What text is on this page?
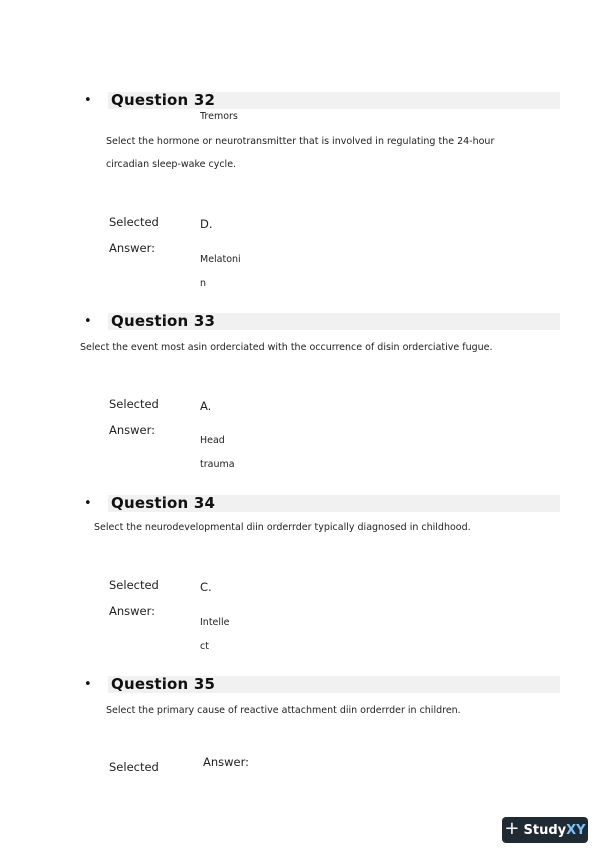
• Question 32
Tremors
Select the hormone or neurotransmitter that is involved in regulating the 24-hour
circadian sleep-wake cycle.
Selected	D.
Answer:
Melatoni
n
• Question 33
Select the event most asin orderciated with the occurrence of disin orderciative fugue.
Selected	A.
Answer:
Head
trauma
• Question 34
Select the neurodevelopmental diin orderrder typically diagnosed in childhood.
Selected	C.
Answer:
Intelle
ct
• Question 35
Select the primary cause of reactive attachment diin orderrder in children.
Selected	Answer:
+ StudyXY
